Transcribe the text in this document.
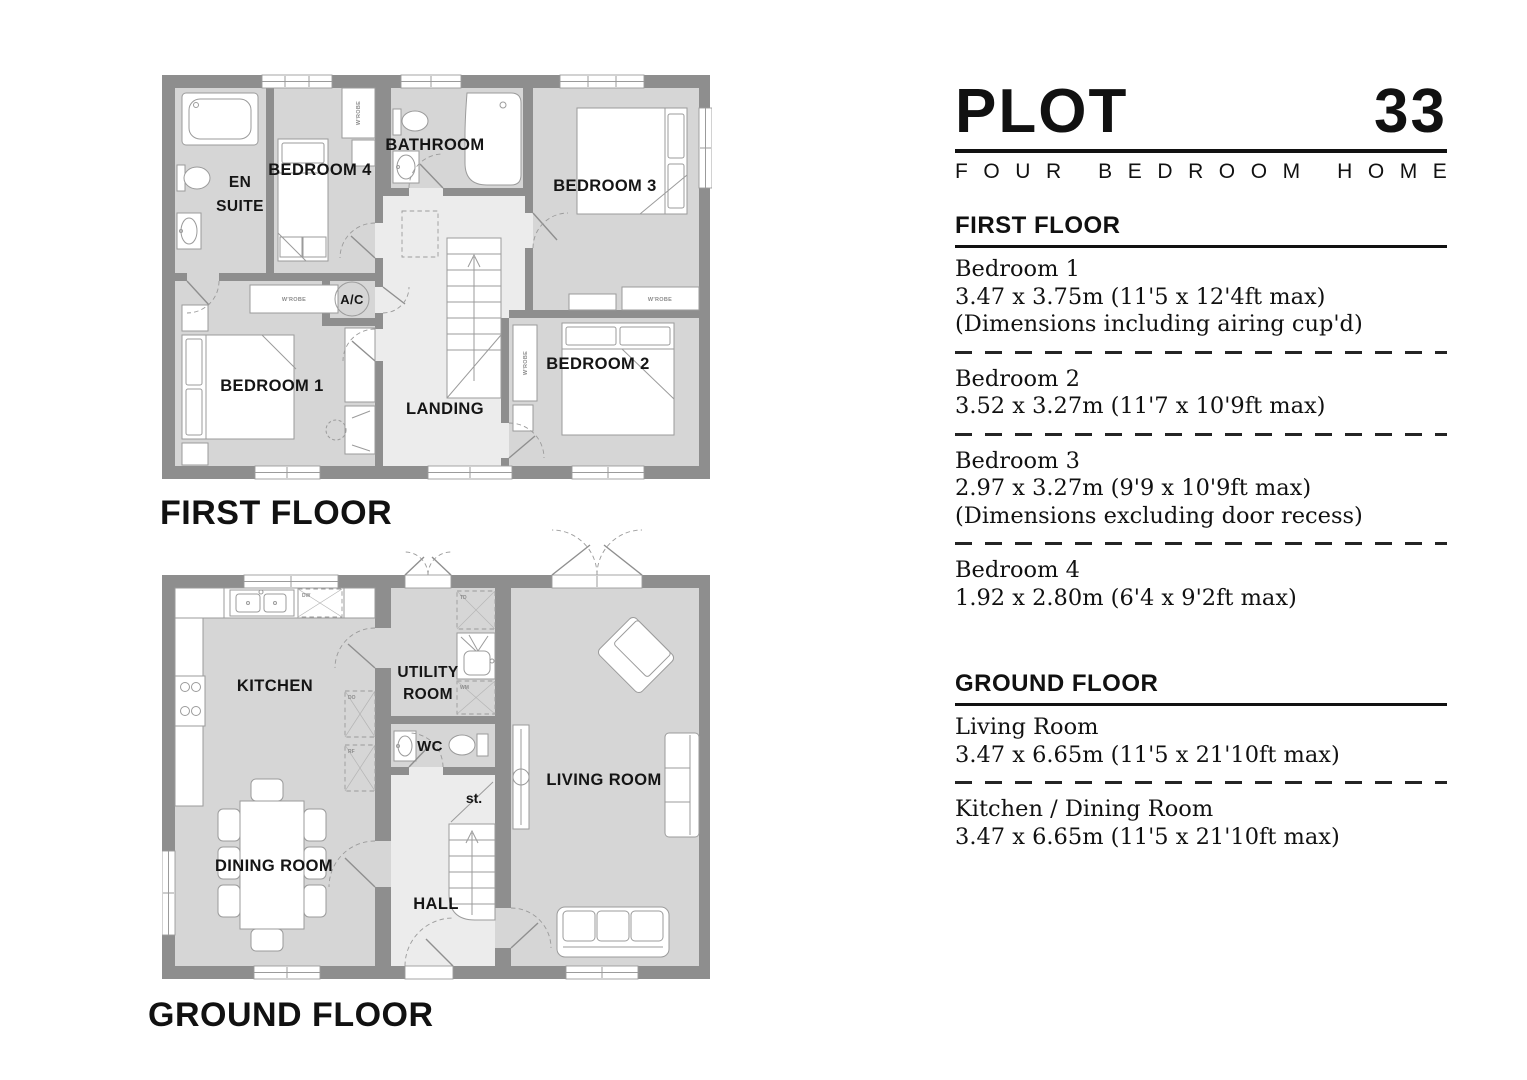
W'ROBE
W'ROBE
W'ROBE
W'ROBE
EN
SUITE
BEDROOM 4
BATHROOM
BEDROOM 3
BEDROOM 2
BEDROOM 1
LANDING
A/C
FIRST FLOOR
DW
DO
RF
TD
WM
KITCHEN
UTILITY
ROOM
WC
st.
LIVING ROOM
DINING ROOM
HALL
GROUND FLOOR
PLOT	33
F O U R
B E D R O O M
H O M E
FIRST FLOOR
Bedroom 1
3.47 x 3.75m (11'5 x 12'4ft max)
(Dimensions including airing cup'd)
Bedroom 2
3.52 x 3.27m (11'7 x 10'9ft max)
Bedroom 3
2.97 x 3.27m (9'9 x 10'9ft max)
(Dimensions excluding door recess)
Bedroom 4
1.92 x 2.80m (6'4 x 9'2ft max)
GROUND FLOOR
Living Room
3.47 x 6.65m (11'5 x 21'10ft max)
Kitchen / Dining Room
3.47 x 6.65m (11'5 x 21'10ft max)
